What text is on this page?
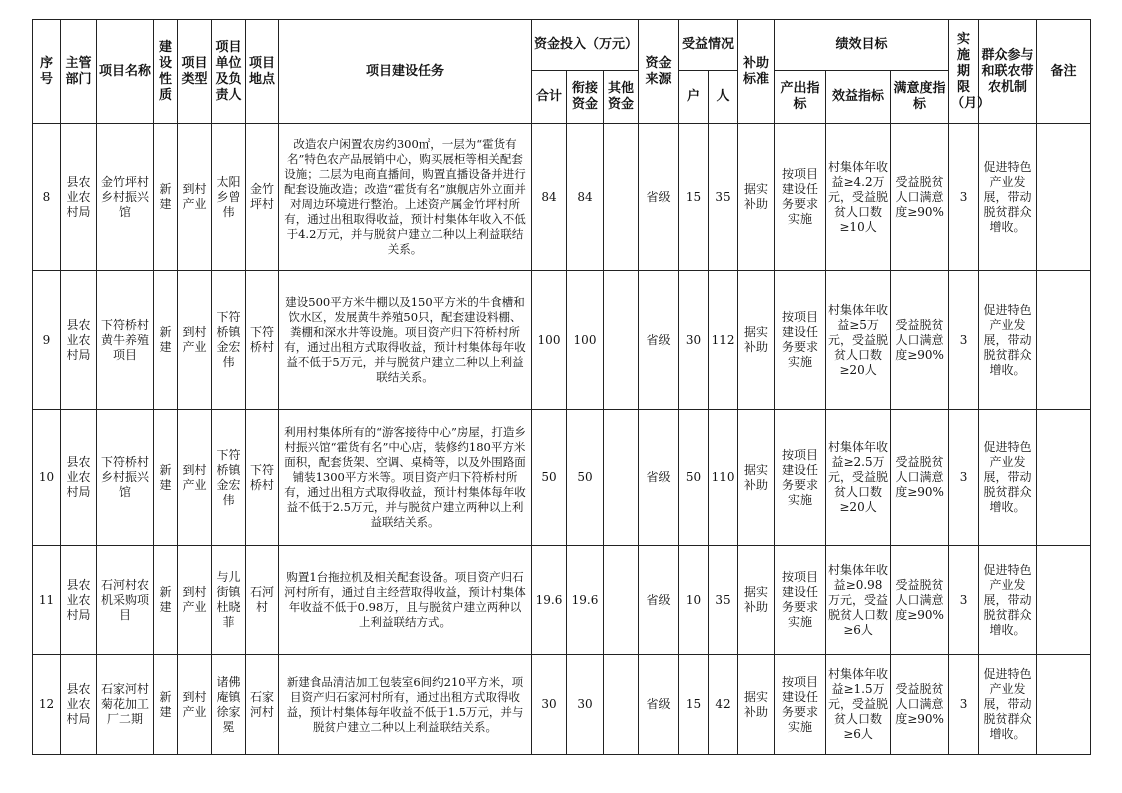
序号	主管部门	项目名称	建设性质	项目类型	项目单位及负责人	项目地点	项目建设任务	资金投入（万元）			资金来源	受益情况		补助标准	绩效目标			实施期限（月）	群众参与和联农带农机制	备注
								合计	衔接资金	其他资金		户	人		产出指标	效益指标	满意度指标			
8	县农业农村局	金竹坪村乡村振兴馆	新建	到村产业	太阳乡曾伟	金竹坪村	改造农户闲置农房约300㎡，一层为“霍货有名”特色农产品展销中心，购买展柜等相关配套设施；二层为电商直播间，购置直播设备并进行配套设施改造；改造“霍货有名”旗舰店外立面并对周边环境进行整治。上述资产属金竹坪村所有，通过出租取得收益，预计村集体年收入不低于4.2万元，并与脱贫户建立二种以上利益联结关系。	84	84		省级	15	35	据实补助	按项目建设任务要求实施	村集体年收益≥4.2万元，受益脱贫人口数≥10人	受益脱贫人口满意度≥90%	3	促进特色产业发展，带动脱贫群众增收。	
9	县农业农村局	下符桥村黄牛养殖项目	新建	到村产业	下符桥镇金宏伟	下符桥村	建设500平方米牛棚以及150平方米的牛食槽和饮水区，发展黄牛养殖50只，配套建设料棚、粪棚和深水井等设施。项目资产归下符桥村所有，通过出租方式取得收益，预计村集体每年收益不低于5万元，并与脱贫户建立二种以上利益联结关系。	100	100		省级	30	112	据实补助	按项目建设任务要求实施	村集体年收益≥5万元，受益脱贫人口数≥20人	受益脱贫人口满意度≥90%	3	促进特色产业发展，带动脱贫群众增收。	
10	县农业农村局	下符桥村乡村振兴馆	新建	到村产业	下符桥镇金宏伟	下符桥村	利用村集体所有的“游客接待中心”房屋，打造乡村振兴馆“霍货有名”中心店，装修约180平方米面积，配套货架、空调、桌椅等，以及外围路面铺装1300平方米等。项目资产归下符桥村所有，通过出租方式取得收益，预计村集体每年收益不低于2.5万元，并与脱贫户建立两种以上利益联结关系。	50	50		省级	50	110	据实补助	按项目建设任务要求实施	村集体年收益≥2.5万元，受益脱贫人口数≥20人	受益脱贫人口满意度≥90%	3	促进特色产业发展，带动脱贫群众增收。	
11	县农业农村局	石河村农机采购项目	新建	到村产业	与儿街镇杜晓菲	石河村	购置1台拖拉机及相关配套设备。项目资产归石河村所有，通过自主经营取得收益，预计村集体年收益不低于0.98万，且与脱贫户建立两种以上利益联结方式。	19.6	19.6		省级	10	35	据实补助	按项目建设任务要求实施	村集体年收益≥0.98万元，受益脱贫人口数≥6人	受益脱贫人口满意度≥90%	3	促进特色产业发展，带动脱贫群众增收。	
12	县农业农村局	石家河村菊花加工厂二期	新建	到村产业	诸佛庵镇徐家冕	石家河村	新建食品清洁加工包装室6间约210平方米，项目资产归石家河村所有，通过出租方式取得收益，预计村集体每年收益不低于1.5万元，并与脱贫户建立二种以上利益联结关系。	30	30		省级	15	42	据实补助	按项目建设任务要求实施	村集体年收益≥1.5万元，受益脱贫人口数≥6人	受益脱贫人口满意度≥90%	3	促进特色产业发展，带动脱贫群众增收。	
